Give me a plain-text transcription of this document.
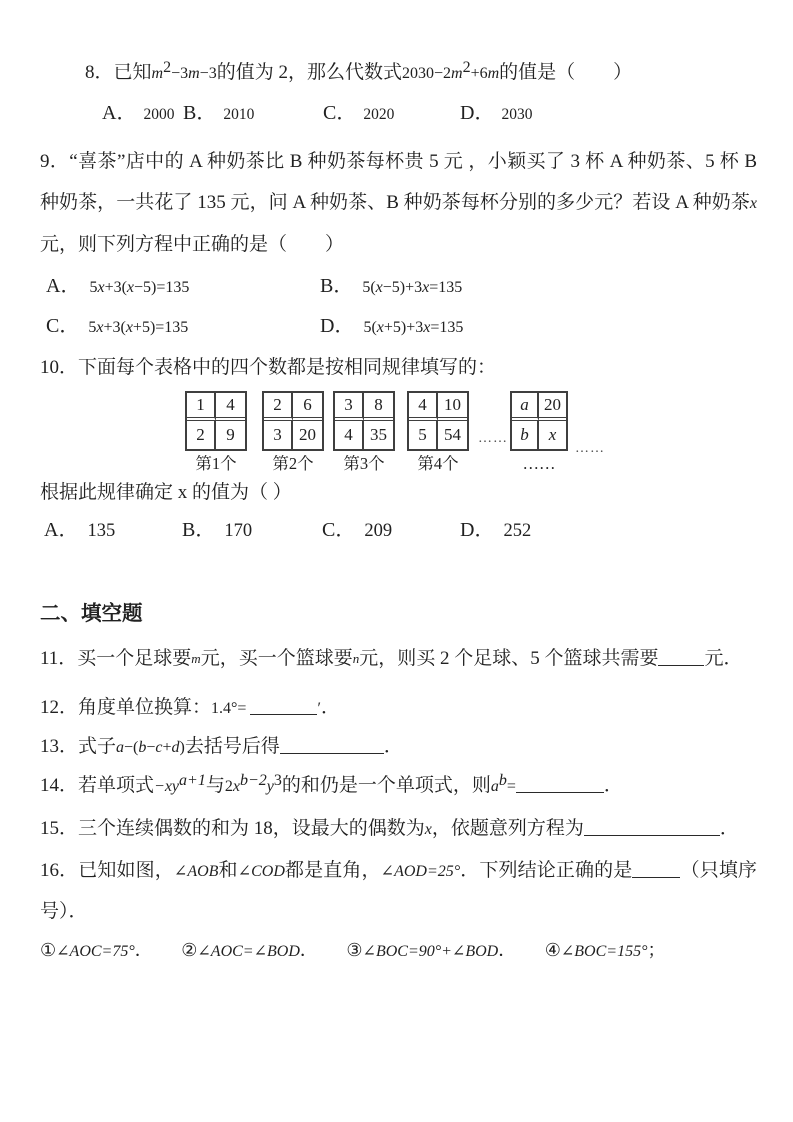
8．已知$m^2-3m-3$的值为 2，那么代数式$2030-2m^2+6m$的值是（　　）
A． 2000 B． 2010	C． 2020	D． 2030
9．“喜茶”店中的 A 种奶茶比 B 种奶茶每杯贵 5 元 ，小颖买了 3 杯 A 种奶茶、5 杯 B 种奶茶，一共花了 135 元，问 A 种奶茶、B 种奶茶每杯分别的多少元？若设 A 种奶茶x元，则下列方程中正确的是（　　）
A． 5x+3(x−5)=135	B． 5(x−5)+3x=135
C． 5x+3(x+5)=135	D． 5(x+5)+3x=135
10．下面每个表格中的四个数都是按相同规律填写的：
1	4
2	9
第1个
2	6
3	20
第2个
3	8
4	35
第3个
4	10
5	54
第4个
……
a 20
b	x
……
……
根据此规律确定 x 的值为（ ）
A． 135	B． 170	C． 209	D． 252
二、填空题
11．买一个足球要m元，买一个篮球要n元，则买 2 个足球、5 个篮球共需要 元．
12．角度单位换算：1.4°=	′．
13．式子a−(b−c+d)去括号后得	．
14．若单项式$-xy^{a+1}$与$2x^{b-2}y^3$的和仍是一个单项式，则$a^b=$	．
15．三个连续偶数的和为 18，设最大的偶数为x，依题意列方程为	．
16．已知如图，∠AOB和∠COD都是直角，∠AOD=25°．下列结论正确的是	（只填序号）．
①∠AOC=75°． ②∠AOC=∠BOD． ③∠BOC=90°+∠BOD． ④∠BOC=155°；
